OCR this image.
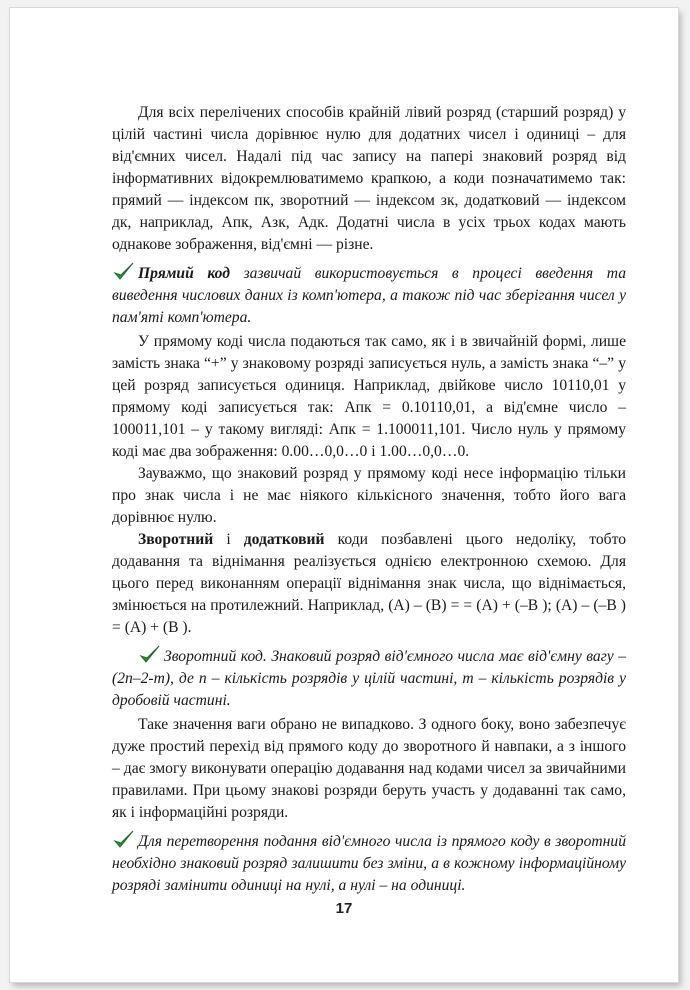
Для всіх перелічених способів крайній лівий розряд (старший розряд) у цілій частині числа дорівнює нулю для додатних чисел і одиниці – для від'ємних чисел. Надалі під час запису на папері знаковий розряд від інформативних відокремлюватимемо крапкою, а коди позначатимемо так: прямий — індексом пк, зворотний — індексом зк, додатковий — індексом дк, наприклад, Aпк, Aзк, Aдк. Додатні числа в усіх трьох кодах мають однакове зображення, від'ємні — різне.

Прямий код зазвичай використовується в процесі введення та виведення числових даних із комп'ютера, а також під час зберігання чисел у пам'яті комп'ютера.

У прямому коді числа подаються так само, як і в звичайній формі, лише замість знака “+” у знаковому розряді записується нуль, а замість знака “–” у цей розряд записується одиниця. Наприклад, двійкове число 10110,01 у прямому коді записується так: Aпк = 0.10110,01, а від'ємне число –100011,101 – у такому вигляді: Aпк = 1.100011,101. Число нуль у прямому коді має два зображення: 0.00…0,0…0 і 1.00…0,0…0.

Зауважмо, що знаковий розряд у прямому коді несе інформацію тільки про знак числа і не має ніякого кількісного значення, тобто його вага дорівнює нулю.

Зворотний і додатковий коди позбавлені цього недоліку, тобто додавання та віднімання реалізується однією електронною схемою. Для цього перед виконанням операції віднімання знак числа, що віднімається, змінюється на протилежний. Наприклад, (A) – (B) = = (A) + (–B ); (A) – (–B ) = (A) + (B ).

Зворотний код. Знаковий розряд від'ємного числа має від'ємну вагу – (2n–2-m), де n – кількість розрядів у цілій частині, m – кількість розрядів у дробовій частині.

Таке значення ваги обрано не випадково. З одного боку, воно забезпечує дуже простий перехід від прямого коду до зворотного й навпаки, а з іншого – дає змогу виконувати операцію додавання над кодами чисел за звичайними правилами. При цьому знакові розряди беруть участь у додаванні так само, як і інформаційні розряди.

Для перетворення подання від'ємного числа із прямого коду в зворотний необхідно знаковий розряд залишити без зміни, а в кожному інформаційному розряді замінити одиниці на нулі, а нулі – на одиниці.

17
